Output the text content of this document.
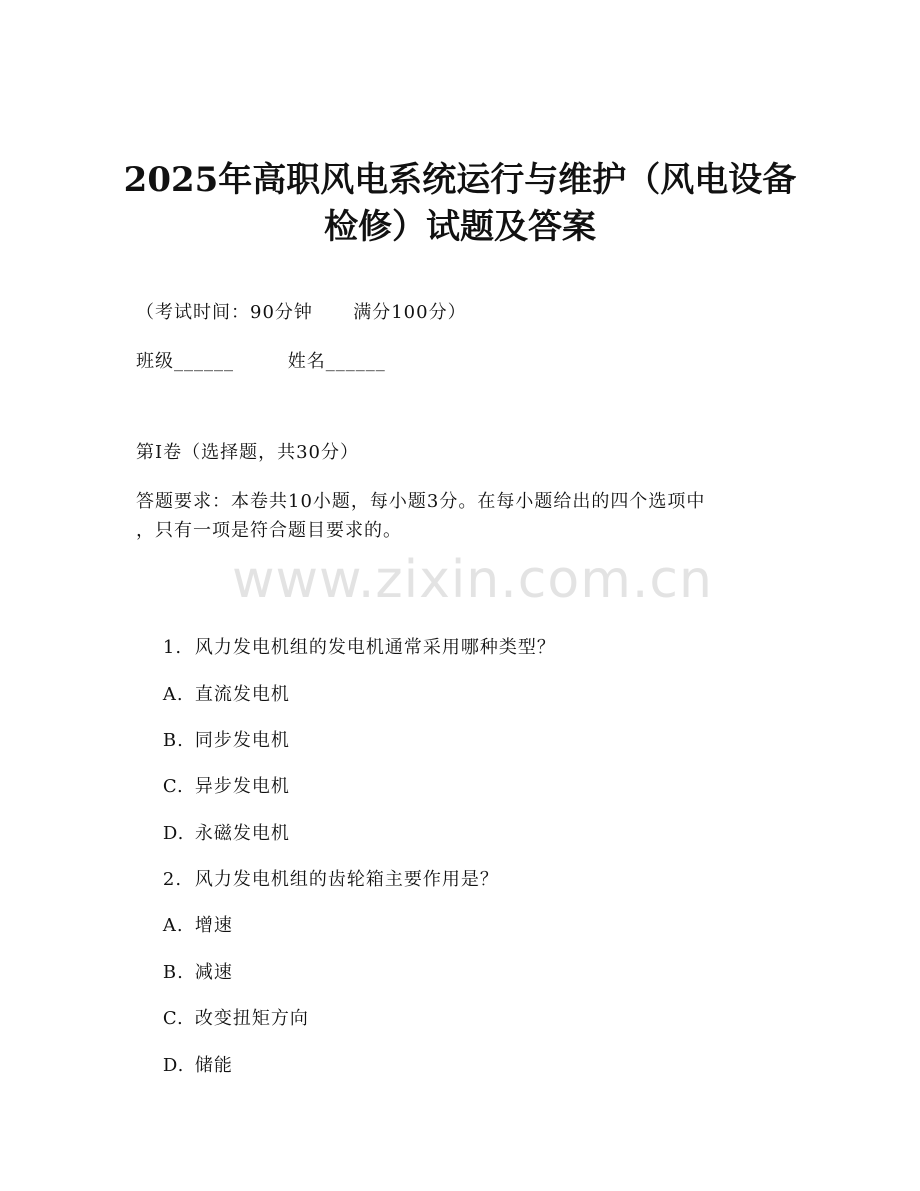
2025年高职风电系统运行与维护（风电设备
检修）试题及答案
（考试时间：90分钟      满分100分）
班级______        姓名______
第I卷（选择题，共30分）
答题要求：本卷共10小题，每小题3分。在每小题给出的四个选项中
，只有一项是符合题目要求的。
www.zixin.com.cn

1. 风力发电机组的发电机通常采用哪种类型？

A. 直流发电机

B. 同步发电机

C. 异步发电机

D. 永磁发电机

2. 风力发电机组的齿轮箱主要作用是？

A. 增速

B. 减速

C. 改变扭矩方向

D. 储能
